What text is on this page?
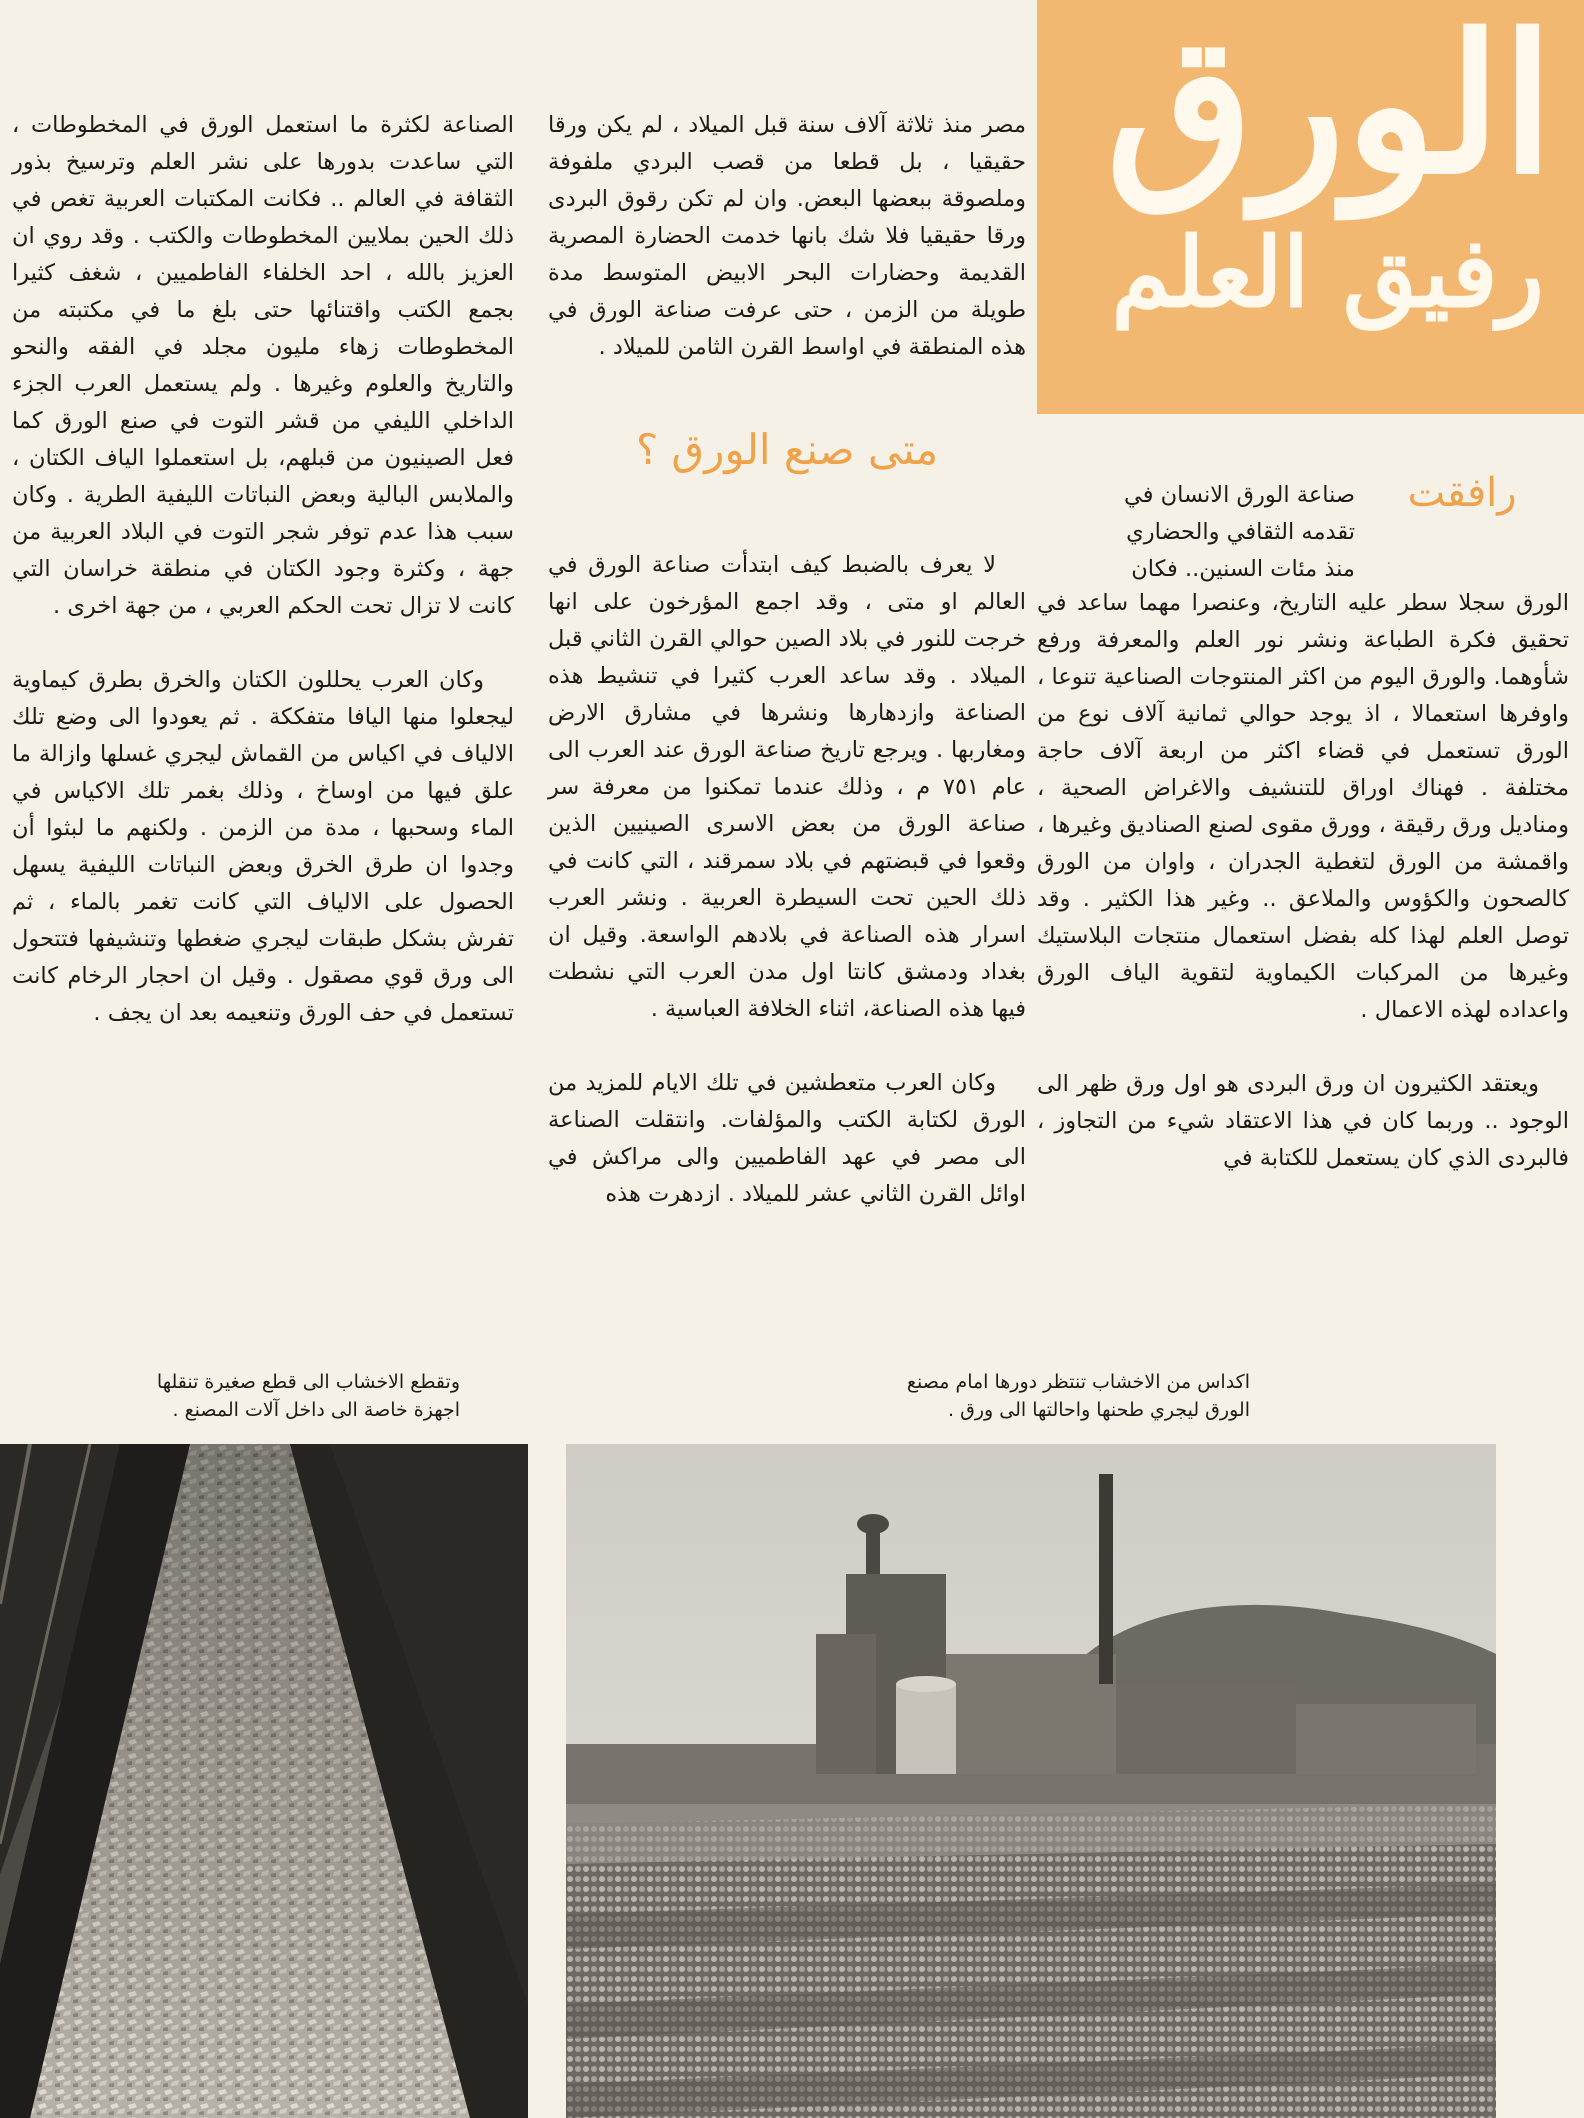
الورق
رفيق العلم
رافقت

صناعة الورق الانسان في
تقدمه الثقافي والحضاري
منذ مئات السنين.. فكان

الورق سجلا سطر عليه التاريخ، وعنصرا مهما ساعد في تحقيق فكرة الطباعة ونشر نور العلم والمعرفة ورفع شأوهما. والورق اليوم من اكثر المنتوجات الصناعية تنوعا ، واوفرها استعمالا ، اذ يوجد حوالي ثمانية آلاف نوع من الورق تستعمل في قضاء اكثر من اربعة آلاف حاجة مختلفة . فهناك اوراق للتنشيف والاغراض الصحية ، ومناديل ورق رقيقة ، وورق مقوى لصنع الصناديق وغيرها ، واقمشة من الورق لتغطية الجدران ، واوان من الورق كالصحون والكؤوس والملاعق .. وغير هذا الكثير . وقد توصل العلم لهذا كله بفضل استعمال منتجات البلاستيك وغيرها من المركبات الكيماوية لتقوية الياف الورق واعداده لهذه الاعمال .

ويعتقد الكثيرون ان ورق البردى هو اول ورق ظهر الى الوجود .. وربما كان في هذا الاعتقاد شيء من التجاوز ، فالبردى الذي كان يستعمل للكتابة في

مصر منذ ثلاثة آلاف سنة قبل الميلاد ، لم يكن ورقا حقيقيا ، بل قطعا من قصب البردي ملفوفة وملصوقة ببعضها البعض. وان لم تكن رقوق البردى ورقا حقيقيا فلا شك بانها خدمت الحضارة المصرية القديمة وحضارات البحر الابيض المتوسط مدة طويلة من الزمن ، حتى عرفت صناعة الورق في هذه المنطقة في اواسط القرن الثامن للميلاد .

متى صنع الورق ؟

لا يعرف بالضبط كيف ابتدأت صناعة الورق في العالم او متى ، وقد اجمع المؤرخون على انها خرجت للنور في بلاد الصين حوالي القرن الثاني قبل الميلاد . وقد ساعد العرب كثيرا في تنشيط هذه الصناعة وازدهارها ونشرها في مشارق الارض ومغاربها . ويرجع تاريخ صناعة الورق عند العرب الى عام ٧٥١ م ، وذلك عندما تمكنوا من معرفة سر صناعة الورق من بعض الاسرى الصينيين الذين وقعوا في قبضتهم في بلاد سمرقند ، التي كانت في ذلك الحين تحت السيطرة العربية . ونشر العرب اسرار هذه الصناعة في بلادهم الواسعة. وقيل ان بغداد ودمشق كانتا اول مدن العرب التي نشطت فيها هذه الصناعة، اثناء الخلافة العباسية .

وكان العرب متعطشين في تلك الايام للمزيد من الورق لكتابة الكتب والمؤلفات. وانتقلت الصناعة الى مصر في عهد الفاطميين والى مراكش في اوائل القرن الثاني عشر للميلاد . ازدهرت هذه

الصناعة لكثرة ما استعمل الورق في المخطوطات ، التي ساعدت بدورها على نشر العلم وترسيخ بذور الثقافة في العالم .. فكانت المكتبات العربية تغص في ذلك الحين بملايين المخطوطات والكتب . وقد روي ان العزيز بالله ، احد الخلفاء الفاطميين ، شغف كثيرا بجمع الكتب واقتنائها حتى بلغ ما في مكتبته من المخطوطات زهاء مليون مجلد في الفقه والنحو والتاريخ والعلوم وغيرها . ولم يستعمل العرب الجزء الداخلي الليفي من قشر التوت في صنع الورق كما فعل الصينيون من قبلهم، بل استعملوا الياف الكتان ، والملابس البالية وبعض النباتات الليفية الطرية . وكان سبب هذا عدم توفر شجر التوت في البلاد العربية من جهة ، وكثرة وجود الكتان في منطقة خراسان التي كانت لا تزال تحت الحكم العربي ، من جهة اخرى .

وكان العرب يحللون الكتان والخرق بطرق كيماوية ليجعلوا منها اليافا متفككة . ثم يعودوا الى وضع تلك الالياف في اكياس من القماش ليجري غسلها وازالة ما علق فيها من اوساخ ، وذلك بغمر تلك الاكياس في الماء وسحبها ، مدة من الزمن . ولكنهم ما لبثوا أن وجدوا ان طرق الخرق وبعض النباتات الليفية يسهل الحصول على الالياف التي كانت تغمر بالماء ، ثم تفرش بشكل طبقات ليجري ضغطها وتنشيفها فتتحول الى ورق قوي مصقول . وقيل ان احجار الرخام كانت تستعمل في حف الورق وتنعيمه بعد ان يجف .

اكداس من الاخشاب تنتظر دورها امام مصنع
الورق ليجري طحنها واحالتها الى ورق .
وتقطع الاخشاب الى قطع صغيرة تنقلها
اجهزة خاصة الى داخل آلات المصنع .
